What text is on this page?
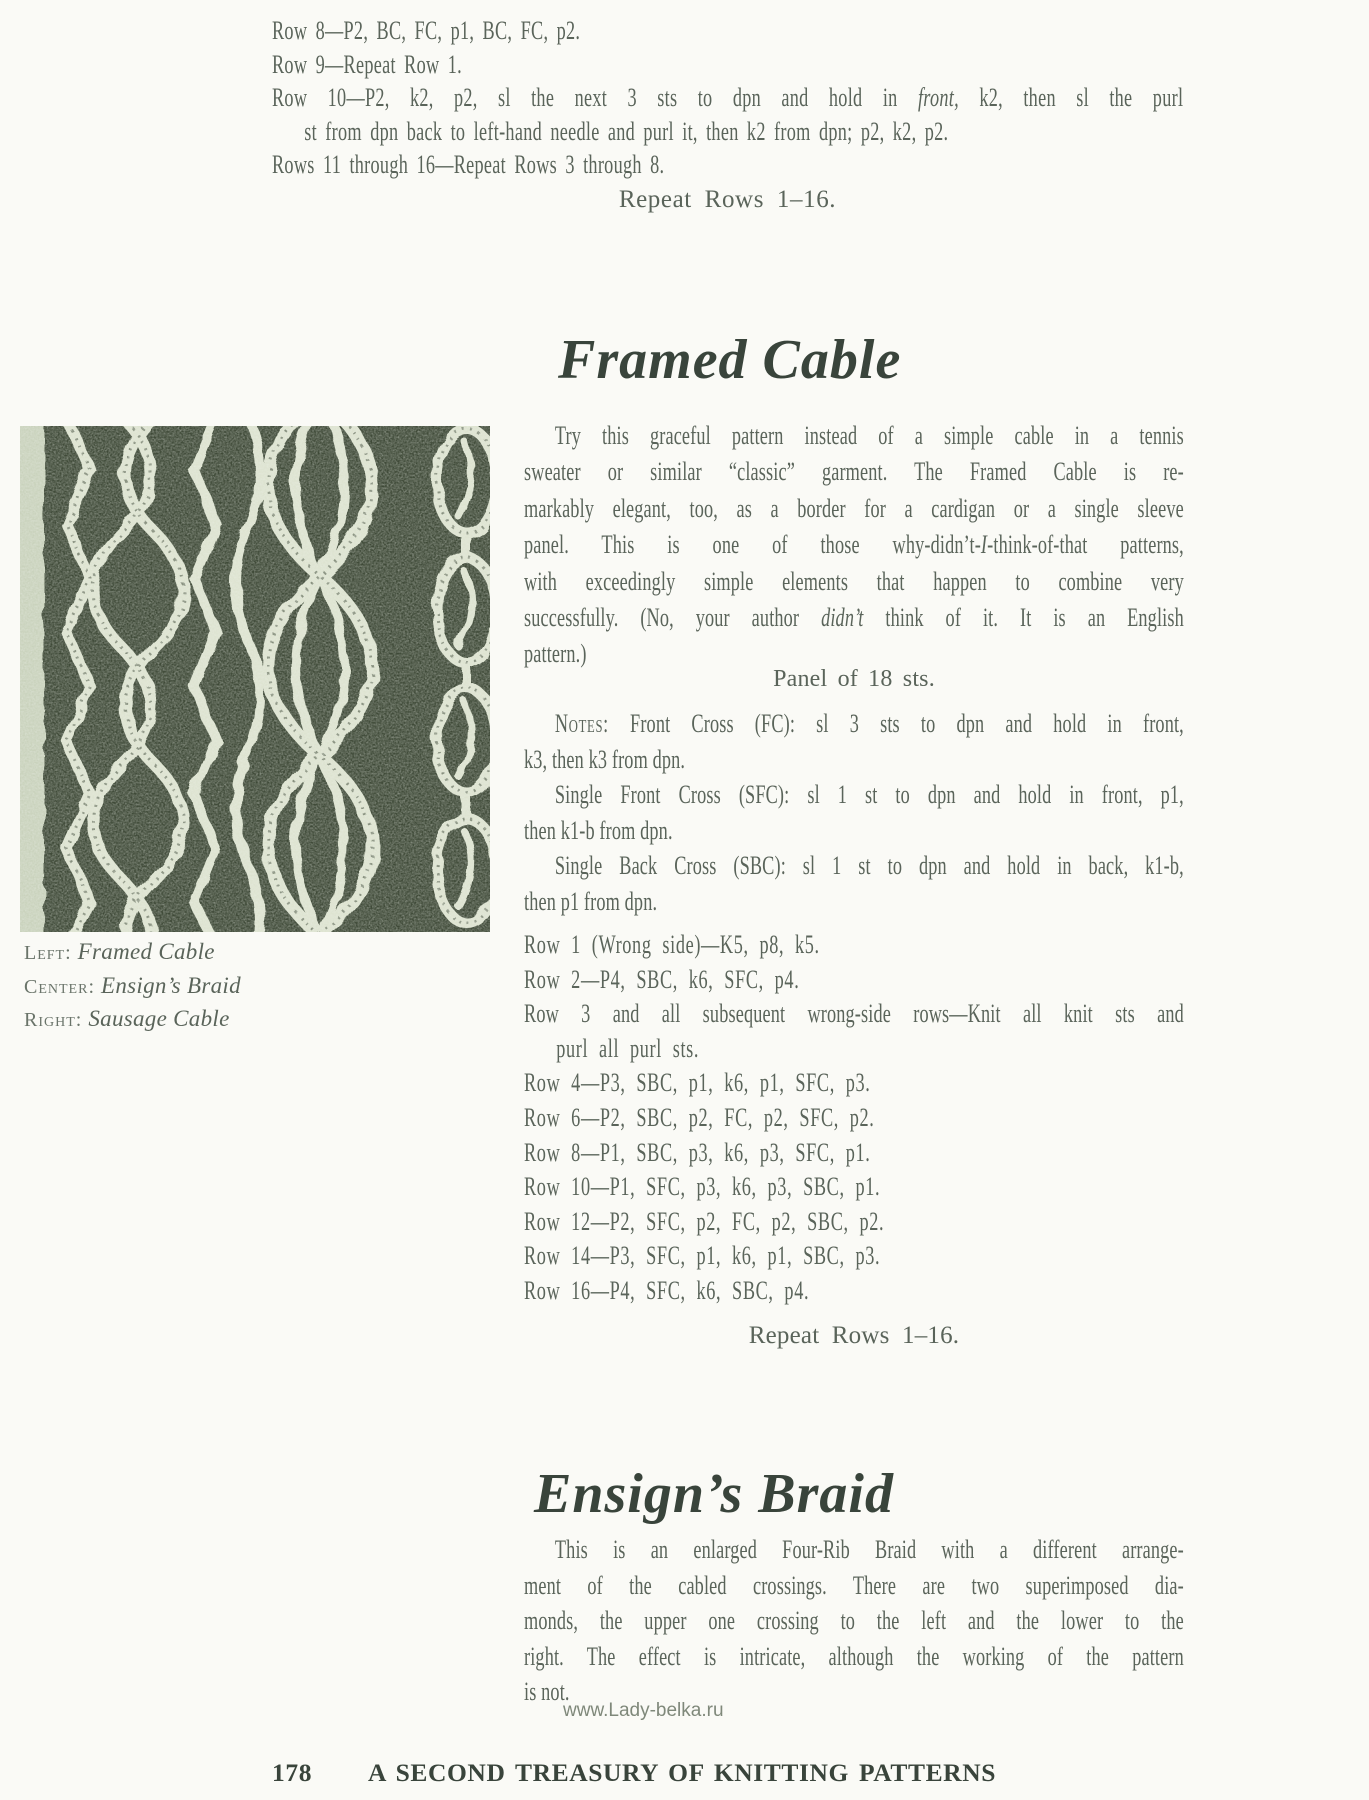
Row 8—P2, BC, FC, p1, BC, FC, p2.
Row 9—Repeat Row 1.
Row 10—P2, k2, p2, sl the next 3 sts to dpn and hold in front, k2, then sl the purl
st from dpn back to left-hand needle and purl it, then k2 from dpn; p2, k2, p2.
Rows 11 through 16—Repeat Rows 3 through 8.
Repeat Rows 1–16.
Left: Framed Cable
Center: Ensign’s Braid
Right: Sausage Cable
Framed Cable
Try this graceful pattern instead of a simple cable in a tennis
sweater or similar “classic” garment. The Framed Cable is re-
markably elegant, too, as a border for a cardigan or a single sleeve
panel. This is one of those why-didn’t-I-think-of-that patterns,
with exceedingly simple elements that happen to combine very
successfully. (No, your author didn’t think of it. It is an English
pattern.)
Panel of 18 sts.
Notes: Front Cross (FC): sl 3 sts to dpn and hold in front,
k3, then k3 from dpn.
Single Front Cross (SFC): sl 1 st to dpn and hold in front, p1,
then k1-b from dpn.
Single Back Cross (SBC): sl 1 st to dpn and hold in back, k1-b,
then p1 from dpn.
Row 1 (Wrong side)—K5, p8, k5.
Row 2—P4, SBC, k6, SFC, p4.
Row 3 and all subsequent wrong-side rows—Knit all knit sts and
purl all purl sts.
Row 4—P3, SBC, p1, k6, p1, SFC, p3.
Row 6—P2, SBC, p2, FC, p2, SFC, p2.
Row 8—P1, SBC, p3, k6, p3, SFC, p1.
Row 10—P1, SFC, p3, k6, p3, SBC, p1.
Row 12—P2, SFC, p2, FC, p2, SBC, p2.
Row 14—P3, SFC, p1, k6, p1, SBC, p3.
Row 16—P4, SFC, k6, SBC, p4.
Repeat Rows 1–16.
Ensign’s Braid
This is an enlarged Four-Rib Braid with a different arrange-
ment of the cabled crossings. There are two superimposed dia-
monds, the upper one crossing to the left and the lower to the
right. The effect is intricate, although the working of the pattern
is not.
www.Lady-belka.ru
178 A SECOND TREASURY OF KNITTING PATTERNS
